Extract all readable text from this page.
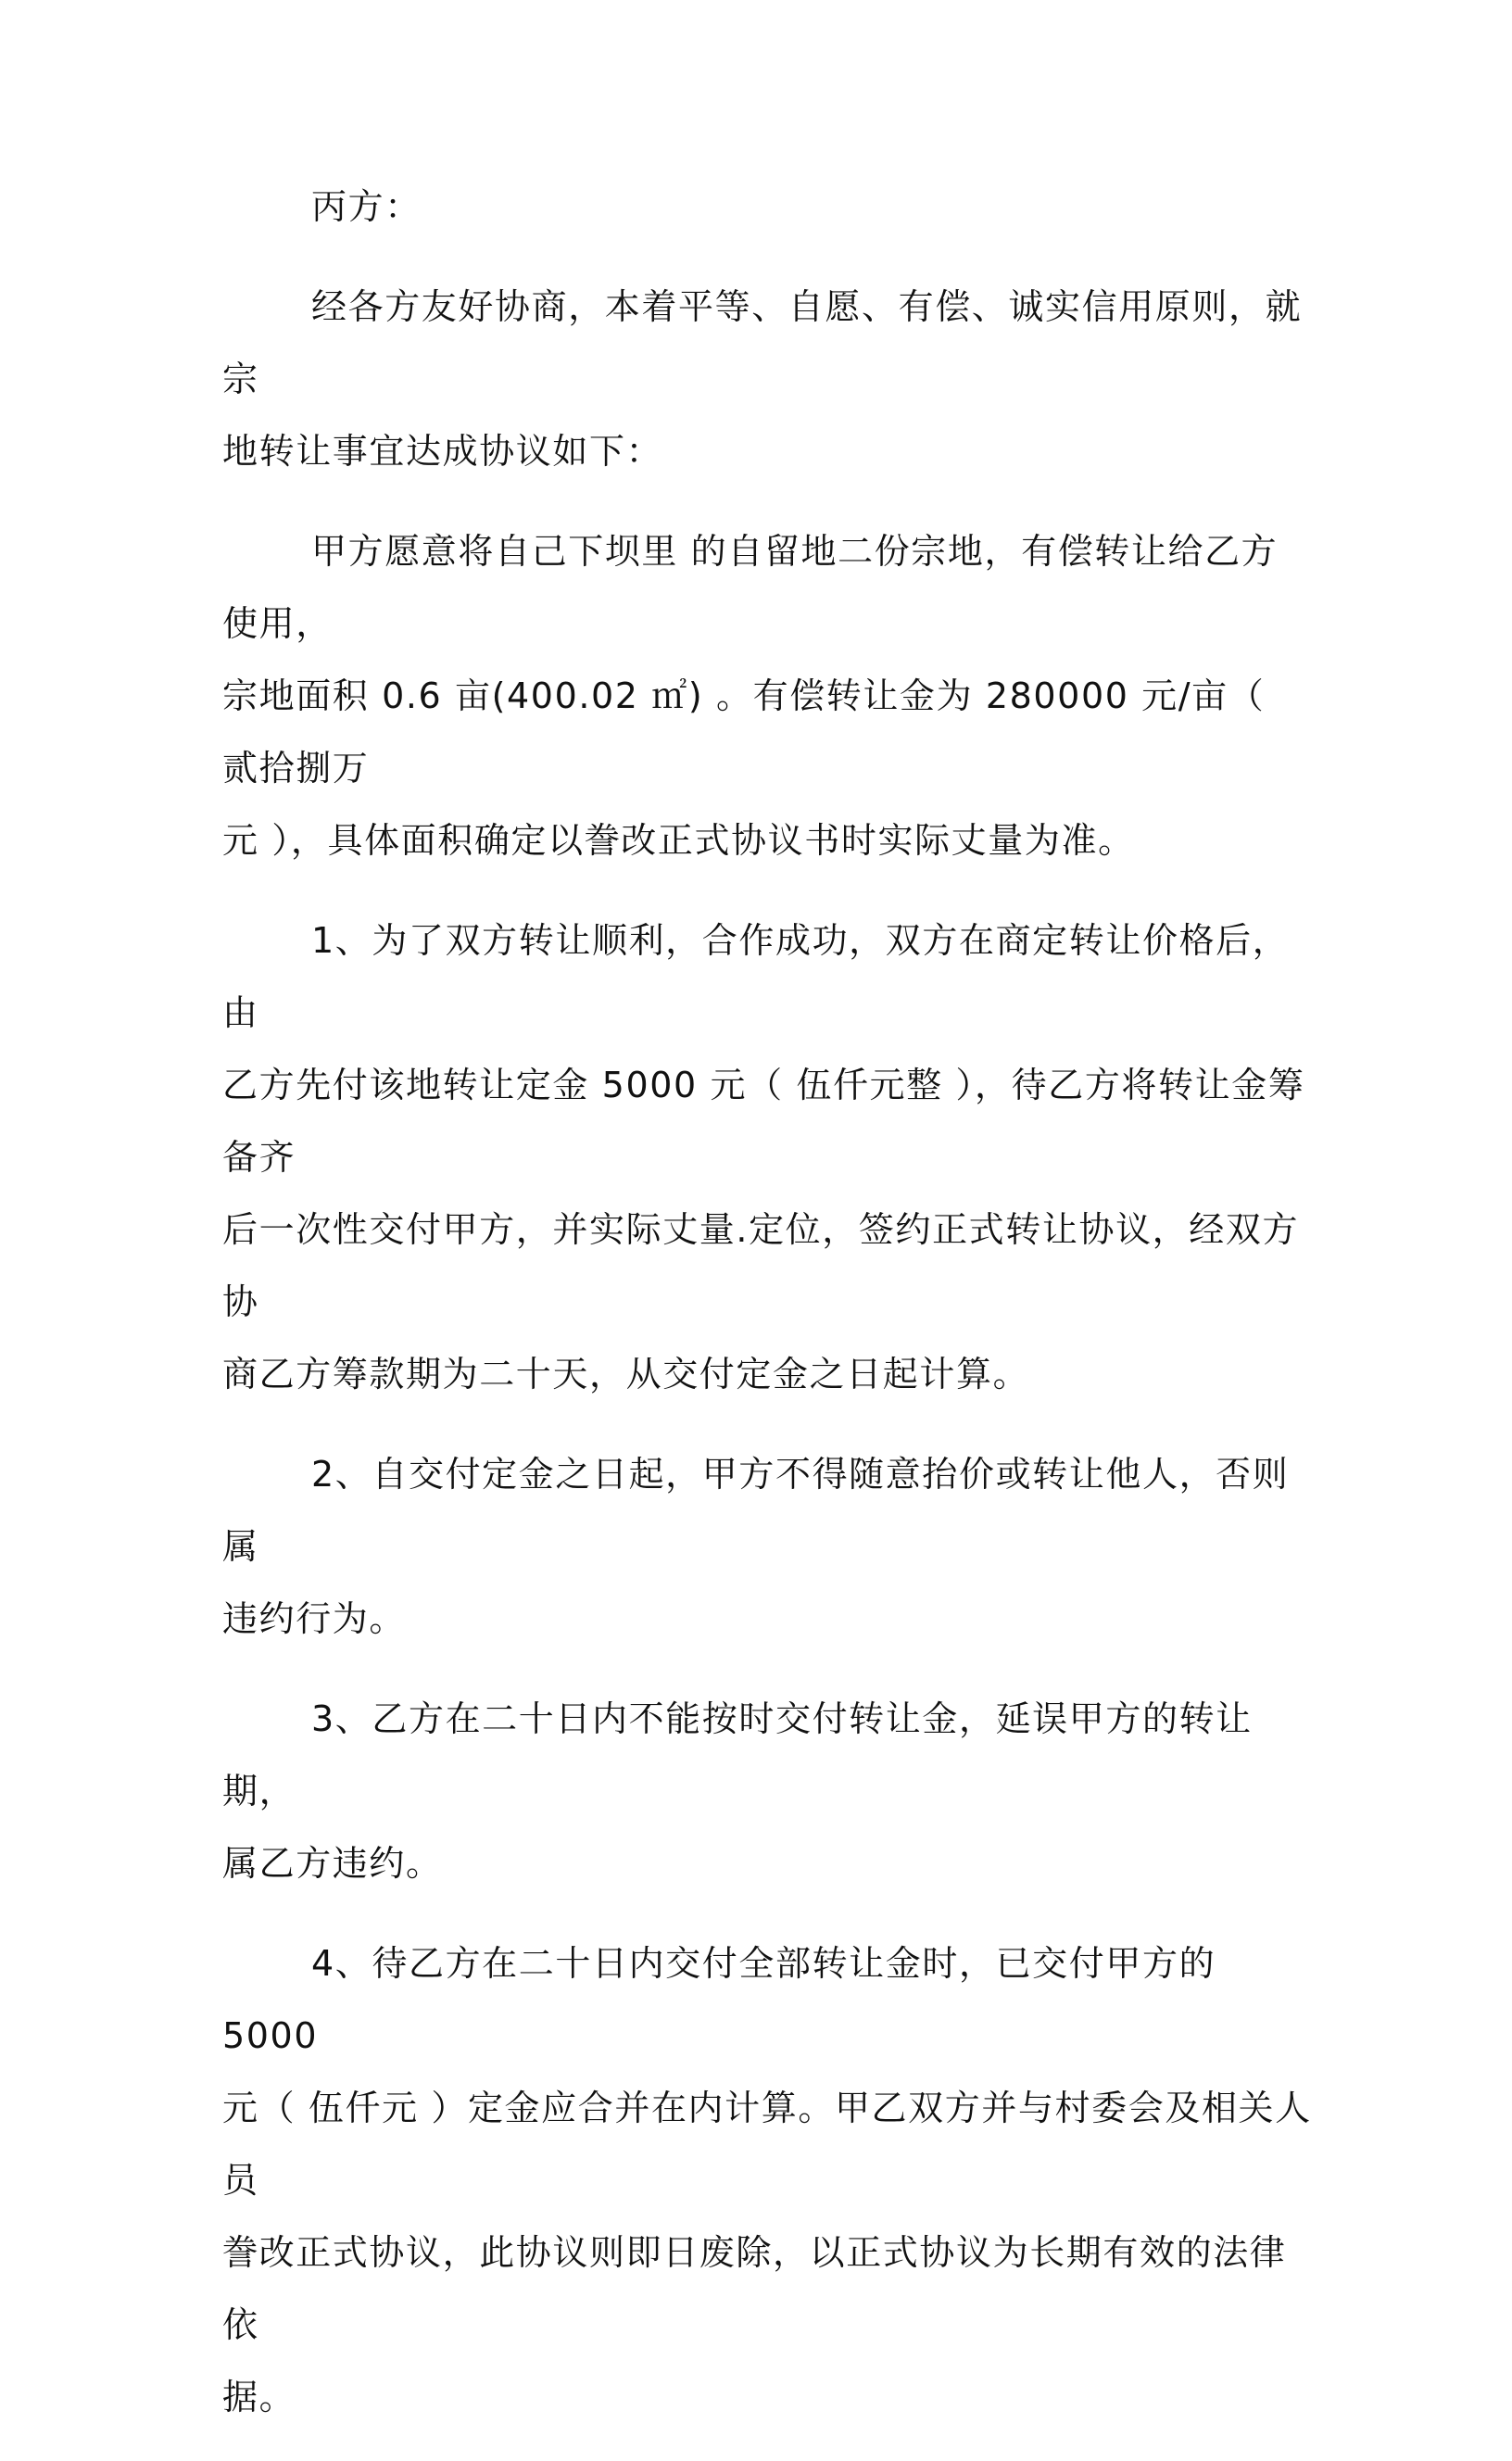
丙方：

经各方友好协商，本着平等、自愿、有偿、诚实信用原则，就宗
地转让事宜达成协议如下：

甲方愿意将自己下坝里 的自留地二份宗地，有偿转让给乙方使用，
宗地面积 0.6 亩(400.02 ㎡) 。有偿转让金为 280000 元/亩（ 贰拾捌万
元 ），具体面积确定以誊改正式协议书时实际丈量为准。

1、为了双方转让顺利，合作成功，双方在商定转让价格后，由
乙方先付该地转让定金 5000 元（ 伍仟元整 ），待乙方将转让金筹备齐
后一次性交付甲方，并实际丈量.定位，签约正式转让协议，经双方协
商乙方筹款期为二十天，从交付定金之日起计算。

2、自交付定金之日起，甲方不得随意抬价或转让他人，否则属
违约行为。

3、乙方在二十日内不能按时交付转让金，延误甲方的转让期，
属乙方违约。

4、待乙方在二十日内交付全部转让金时，已交付甲方的 5000
元（ 伍仟元 ）定金应合并在内计算。甲乙双方并与村委会及相关人员
誊改正式协议，此协议则即日废除，以正式协议为长期有效的法律依
据。
